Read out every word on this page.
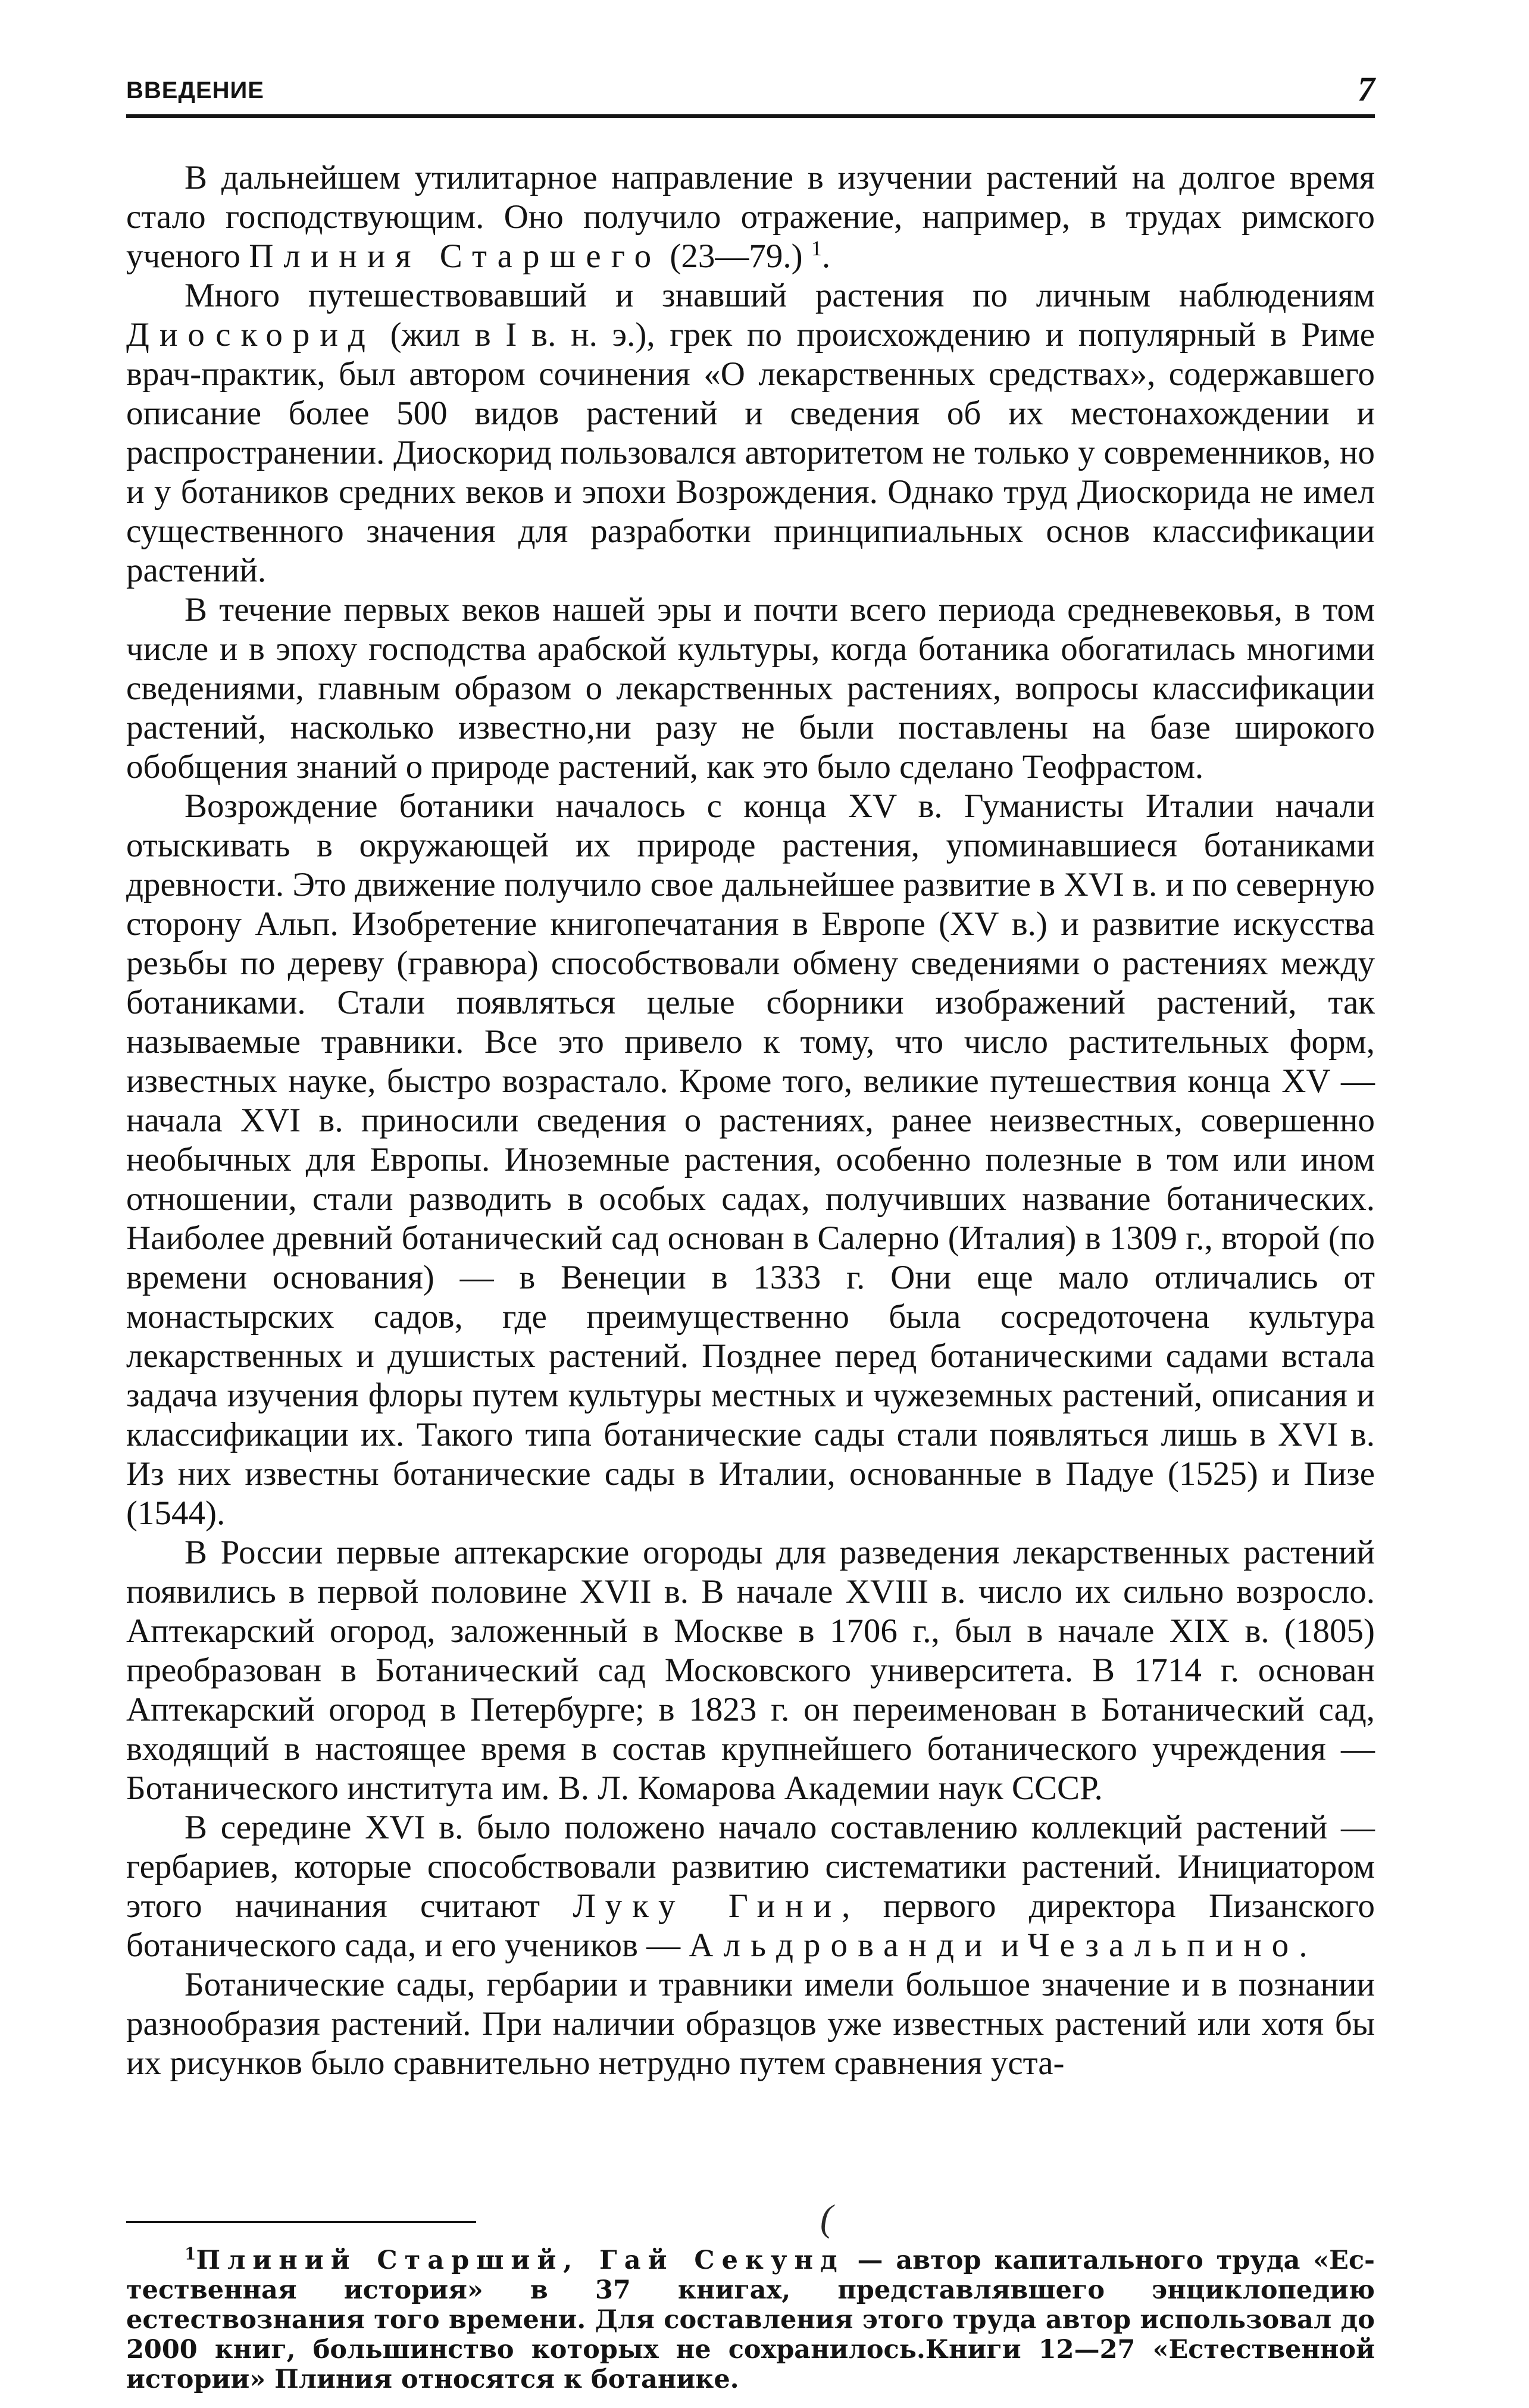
ВВЕДЕНИЕ	7

В дальнейшем утилитарное направление в изучении растений на долгое время стало господствующим. Оно получило отражение, например, в трудах римского ученого Плиния Старшего (23—79.) $^1$.

Много путешествовавший и знавший растения по личным наблюдениям Диоскорид (жил в I в. н. э.), грек по происхождению и популярный в Риме врач-практик, был автором сочинения «О лекарственных средствах», содержавшего описание более 500 видов растений и сведения об их местонахождении и распространении. Диоскорид пользовался авторитетом не только у современников, но и у ботаников средних веков и эпохи Возрождения. Однако труд Диоскорида не имел существенного значения для разработки принципиальных основ классификации растений.

В течение первых веков нашей эры и почти всего периода средневековья, в том числе и в эпоху господства арабской культуры, когда ботаника обогатилась многими сведениями, главным образом о лекарственных растениях, вопросы классификации растений, насколько известно,ни разу не были поставлены на базе широкого обобщения знаний о природе растений, как это было сделано Теофрастом.

Возрождение ботаники началось с конца XV в. Гуманисты Италии начали отыскивать в окружающей их природе растения, упоминавшиеся ботаниками древности. Это движение получило свое дальнейшее развитие в XVI в. и по северную сторону Альп. Изобретение книгопечатания в Европе (XV в.) и развитие искусства резьбы по дереву (гравюра) способствовали обмену сведениями о растениях между ботаниками. Стали появляться целые сборники изображений растений, так называемые травники. Все это привело к тому, что число растительных форм, известных науке, быстро возрастало. Кроме того, великие путешествия конца XV — начала XVI в. приносили сведения о растениях, ранее неизвестных, совершенно необычных для Европы. Иноземные растения, особенно полезные в том или ином отношении, стали разводить в особых садах, получивших название ботанических. Наиболее древний ботанический сад основан в Салерно (Италия) в 1309 г., второй (по времени основания) — в Венеции в 1333 г. Они еще мало отличались от монастырских садов, где преимущественно была сосредоточена культура лекарственных и душистых растений. Позднее перед ботаническими садами встала задача изучения флоры путем культуры местных и чужеземных растений, описания и классификации их. Такого типа ботанические сады стали появляться лишь в XVI в. Из них известны ботанические сады в Италии, основанные в Падуе (1525) и Пизе (1544).

В России первые аптекарские огороды для разведения лекарственных растений появились в первой половине XVII в. В начале XVIII в. число их сильно возросло. Аптекарский огород, заложенный в Москве в 1706 г., был в начале XIX в. (1805) преобразован в Ботанический сад Московского университета. В 1714 г. основан Аптекарский огород в Петербурге; в 1823 г. он переименован в Ботанический сад, входящий в настоящее время в состав крупнейшего ботанического учреждения — Ботанического института им. В. Л. Комарова Академии наук СССР.

В середине XVI в. было положено начало составлению коллекций растений — гербариев, которые способствовали развитию систематики растений. Инициатором этого начинания считают Луку Гини, первого директора Пизанского ботанического сада, и его учеников — Альдрованди и Чезальпино.

Ботанические сады, гербарии и травники имели большое значение и в познании разнообразия растений. При наличии образцов уже известных растений или хотя бы их рисунков было сравнительно нетрудно путем сравнения уста-

(

$^1$Плиний Старший, Гай Секунд — автор капитального труда «Естественная история» в 37 книгах, представлявшего энциклопедию естествознания того времени. Для составления этого труда автор использовал до 2000 книг, большинство которых не сохранилось.Книги 12—27 «Естественной истории» Плиния относятся к ботанике.
